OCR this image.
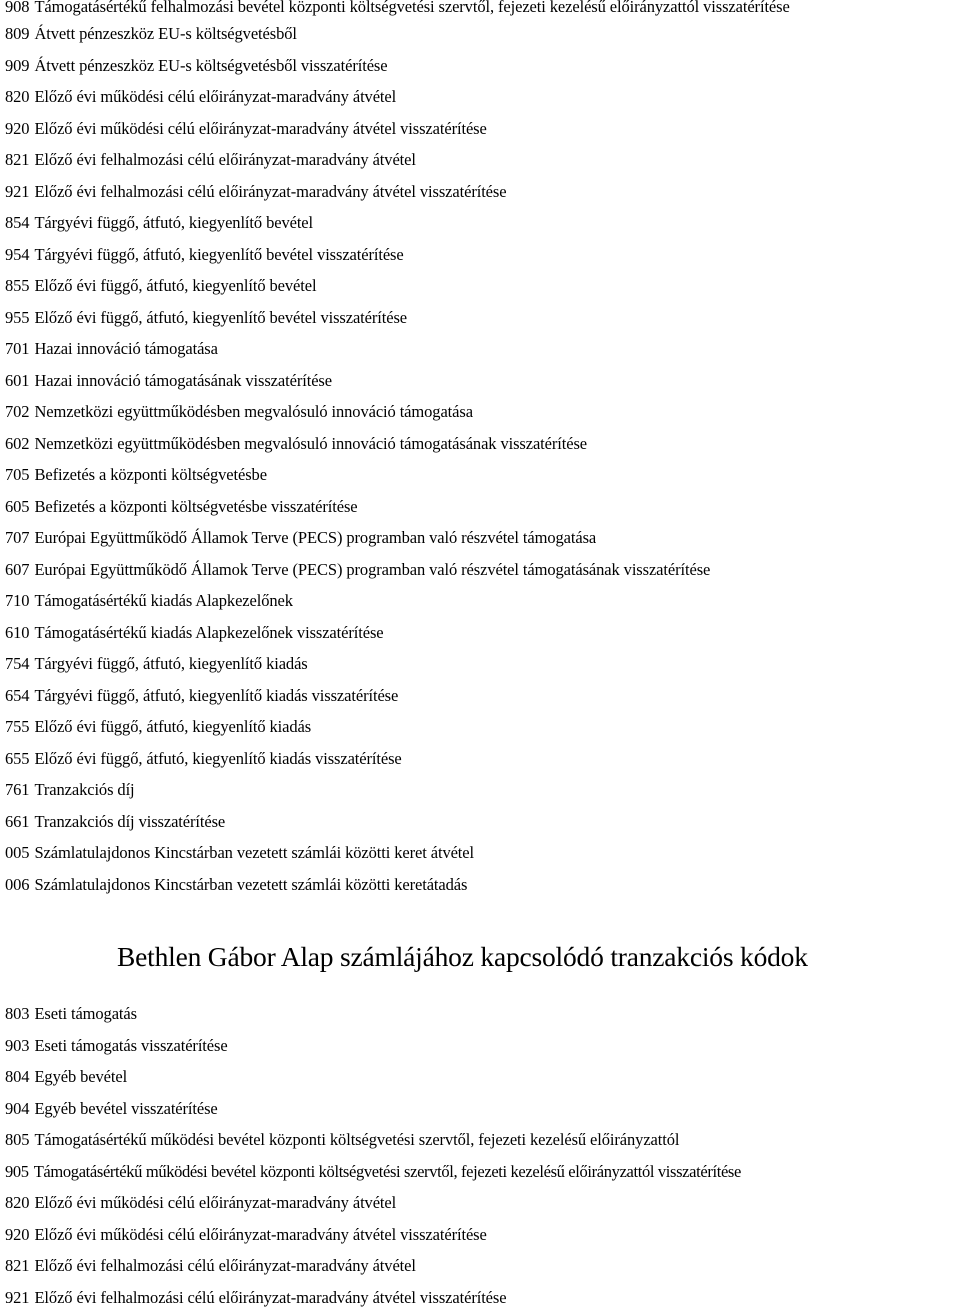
908 Támogatásértékű felhalmozási bevétel központi költségvetési szervtől, fejezeti kezelésű előirányzattól visszatérítése
809 Átvett pénzeszköz EU-s költségvetésből
909 Átvett pénzeszköz EU-s költségvetésből visszatérítése
820 Előző évi működési célú előirányzat-maradvány átvétel
920 Előző évi működési célú előirányzat-maradvány átvétel visszatérítése
821 Előző évi felhalmozási célú előirányzat-maradvány átvétel
921 Előző évi felhalmozási célú előirányzat-maradvány átvétel visszatérítése
854 Tárgyévi függő, átfutó, kiegyenlítő bevétel
954 Tárgyévi függő, átfutó, kiegyenlítő bevétel visszatérítése
855 Előző évi függő, átfutó, kiegyenlítő bevétel
955 Előző évi függő, átfutó, kiegyenlítő bevétel visszatérítése
701 Hazai innováció támogatása
601 Hazai innováció támogatásának visszatérítése
702 Nemzetközi együttműködésben megvalósuló innováció támogatása
602 Nemzetközi együttműködésben megvalósuló innováció támogatásának visszatérítése
705 Befizetés a központi költségvetésbe
605 Befizetés a központi költségvetésbe visszatérítése
707 Európai Együttműködő Államok Terve (PECS) programban való részvétel támogatása
607 Európai Együttműködő Államok Terve (PECS) programban való részvétel támogatásának visszatérítése
710 Támogatásértékű kiadás Alapkezelőnek
610 Támogatásértékű kiadás Alapkezelőnek visszatérítése
754 Tárgyévi függő, átfutó, kiegyenlítő kiadás
654 Tárgyévi függő, átfutó, kiegyenlítő kiadás visszatérítése
755 Előző évi függő, átfutó, kiegyenlítő kiadás
655 Előző évi függő, átfutó, kiegyenlítő kiadás visszatérítése
761 Tranzakciós díj
661 Tranzakciós díj visszatérítése
005 Számlatulajdonos Kincstárban vezetett számlái közötti keret átvétel
006 Számlatulajdonos Kincstárban vezetett számlái közötti keretátadás
Bethlen Gábor Alap számlájához kapcsolódó tranzakciós kódok
803 Eseti támogatás
903 Eseti támogatás visszatérítése
804 Egyéb bevétel
904 Egyéb bevétel visszatérítése
805 Támogatásértékű működési bevétel központi költségvetési szervtől, fejezeti kezelésű előirányzattól
905 Támogatásértékű működési bevétel központi költségvetési szervtől, fejezeti kezelésű előirányzattól visszatérítése
820 Előző évi működési célú előirányzat-maradvány átvétel
920 Előző évi működési célú előirányzat-maradvány átvétel visszatérítése
821 Előző évi felhalmozási célú előirányzat-maradvány átvétel
921 Előző évi felhalmozási célú előirányzat-maradvány átvétel visszatérítése
